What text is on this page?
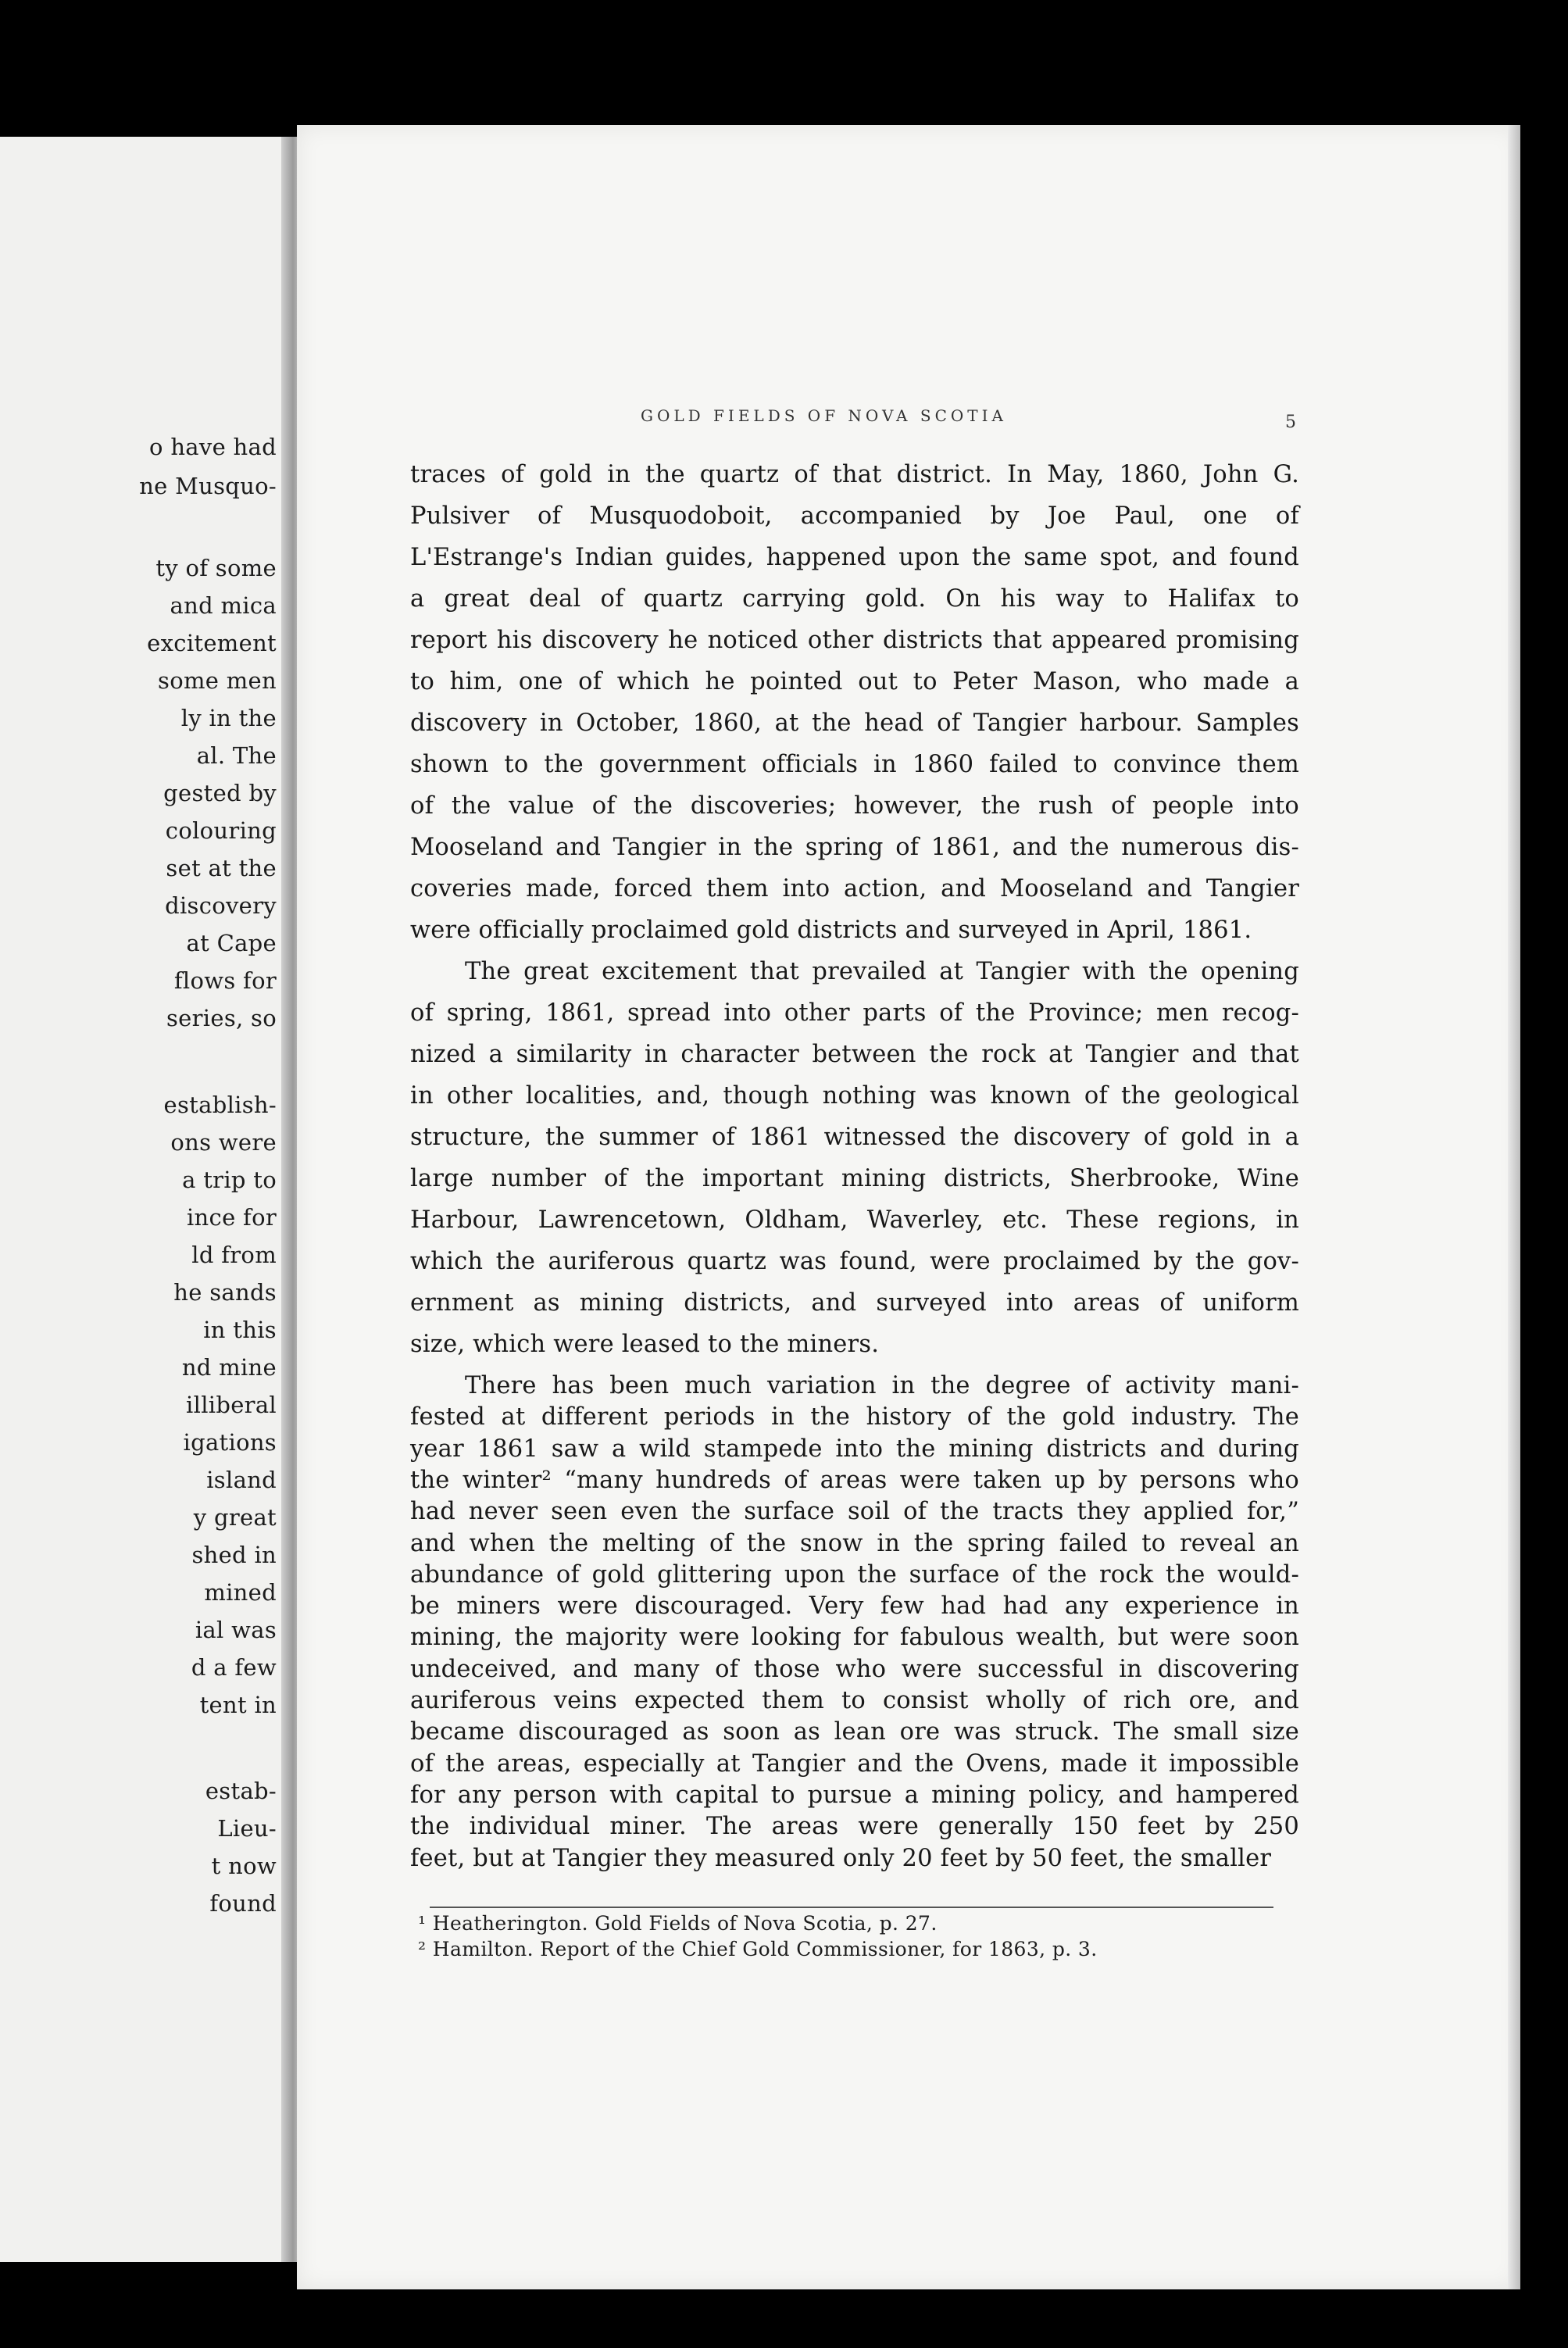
o have had
ne Musquo-
ty of some
and mica
excitement
some men
ly in the
al. The
gested by
colouring
set at the
discovery
at Cape
flows for
series, so
establish-
ons were
a trip to
ince for
ld from
he sands
in this
nd mine
illiberal
igations
island
y great
shed in
mined
ial was
d a few
tent in
estab-
Lieu-
t now
found
GOLD FIELDS OF NOVA SCOTIA	5
traces of gold in the quartz of that district. In May, 1860, John G.
Pulsiver of Musquodoboit, accompanied by Joe Paul, one of
L'Estrange's Indian guides, happened upon the same spot, and found
a great deal of quartz carrying gold. On his way to Halifax to
report his discovery he noticed other districts that appeared promising
to him, one of which he pointed out to Peter Mason, who made a
discovery in October, 1860, at the head of Tangier harbour. Samples
shown to the government officials in 1860 failed to convince them
of the value of the discoveries; however, the rush of people into
Mooseland and Tangier in the spring of 1861, and the numerous dis-
coveries made, forced them into action, and Mooseland and Tangier
were officially proclaimed gold districts and surveyed in April, 1861.
The great excitement that prevailed at Tangier with the opening
of spring, 1861, spread into other parts of the Province; men recog-
nized a similarity in character between the rock at Tangier and that
in other localities, and, though nothing was known of the geological
structure, the summer of 1861 witnessed the discovery of gold in a
large number of the important mining districts, Sherbrooke, Wine
Harbour, Lawrencetown, Oldham, Waverley, etc. These regions, in
which the auriferous quartz was found, were proclaimed by the gov-
ernment as mining districts, and surveyed into areas of uniform
size, which were leased to the miners.
There has been much variation in the degree of activity mani-
fested at different periods in the history of the gold industry. The
year 1861 saw a wild stampede into the mining districts and during
the winter² “many hundreds of areas were taken up by persons who
had never seen even the surface soil of the tracts they applied for,”
and when the melting of the snow in the spring failed to reveal an
abundance of gold glittering upon the surface of the rock the would-
be miners were discouraged. Very few had had any experience in
mining, the majority were looking for fabulous wealth, but were soon
undeceived, and many of those who were successful in discovering
auriferous veins expected them to consist wholly of rich ore, and
became discouraged as soon as lean ore was struck. The small size
of the areas, especially at Tangier and the Ovens, made it impossible
for any person with capital to pursue a mining policy, and hampered
the individual miner. The areas were generally 150 feet by 250
feet, but at Tangier they measured only 20 feet by 50 feet, the smaller
¹ Heatherington. Gold Fields of Nova Scotia, p. 27.
² Hamilton. Report of the Chief Gold Commissioner, for 1863, p. 3.
